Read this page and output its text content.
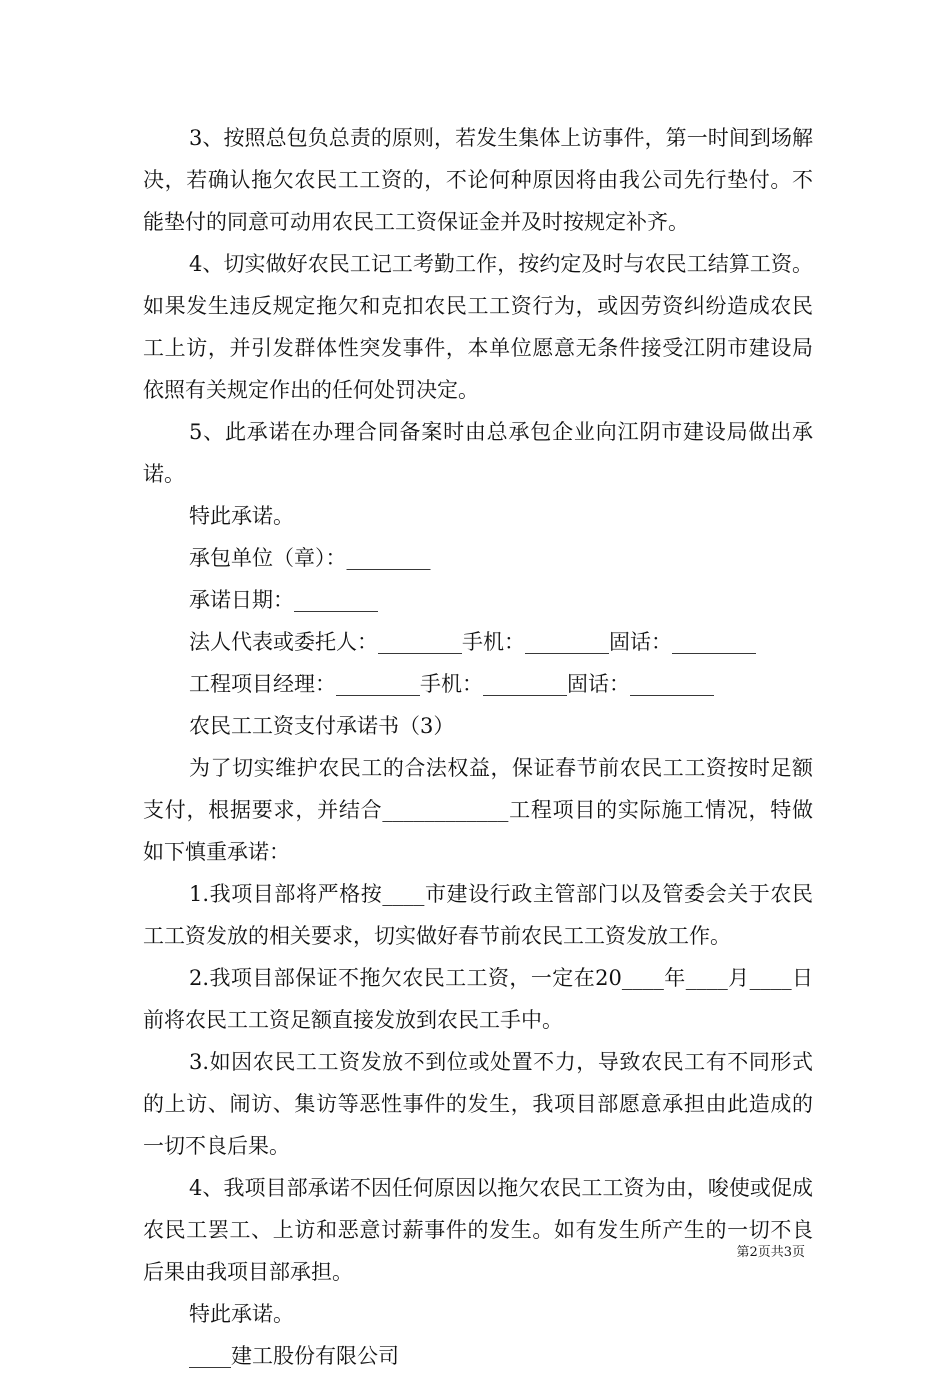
3、按照总包负总责的原则，若发生集体上访事件，第一时间到场解决，若确认拖欠农民工工资的，不论何种原因将由我公司先行垫付。不能垫付的同意可动用农民工工资保证金并及时按规定补齐。

4、切实做好农民工记工考勤工作，按约定及时与农民工结算工资。如果发生违反规定拖欠和克扣农民工工资行为，或因劳资纠纷造成农民工上访，并引发群体性突发事件，本单位愿意无条件接受江阴市建设局依照有关规定作出的任何处罚决定。

5、此承诺在办理合同备案时由总承包企业向江阴市建设局做出承诺。

特此承诺。

承包单位（章）：________

承诺日期：________

法人代表或委托人：________手机：________固话：________

工程项目经理：________手机：________固话：________

农民工工资支付承诺书（3）

为了切实维护农民工的合法权益，保证春节前农民工工资按时足额支付，根据要求，并结合____________工程项目的实际施工情况，特做如下慎重承诺：

1.我项目部将严格按____市建设行政主管部门以及管委会关于农民工工资发放的相关要求，切实做好春节前农民工工资发放工作。

2.我项目部保证不拖欠农民工工资，一定在20____年____月____日前将农民工工资足额直接发放到农民工手中。

3.如因农民工工资发放不到位或处置不力，导致农民工有不同形式的上访、闹访、集访等恶性事件的发生，我项目部愿意承担由此造成的一切不良后果。

4、我项目部承诺不因任何原因以拖欠农民工工资为由，唆使或促成农民工罢工、上访和恶意讨薪事件的发生。如有发生所产生的一切不良后果由我项目部承担。

特此承诺。

____建工股份有限公司

第2页共3页
